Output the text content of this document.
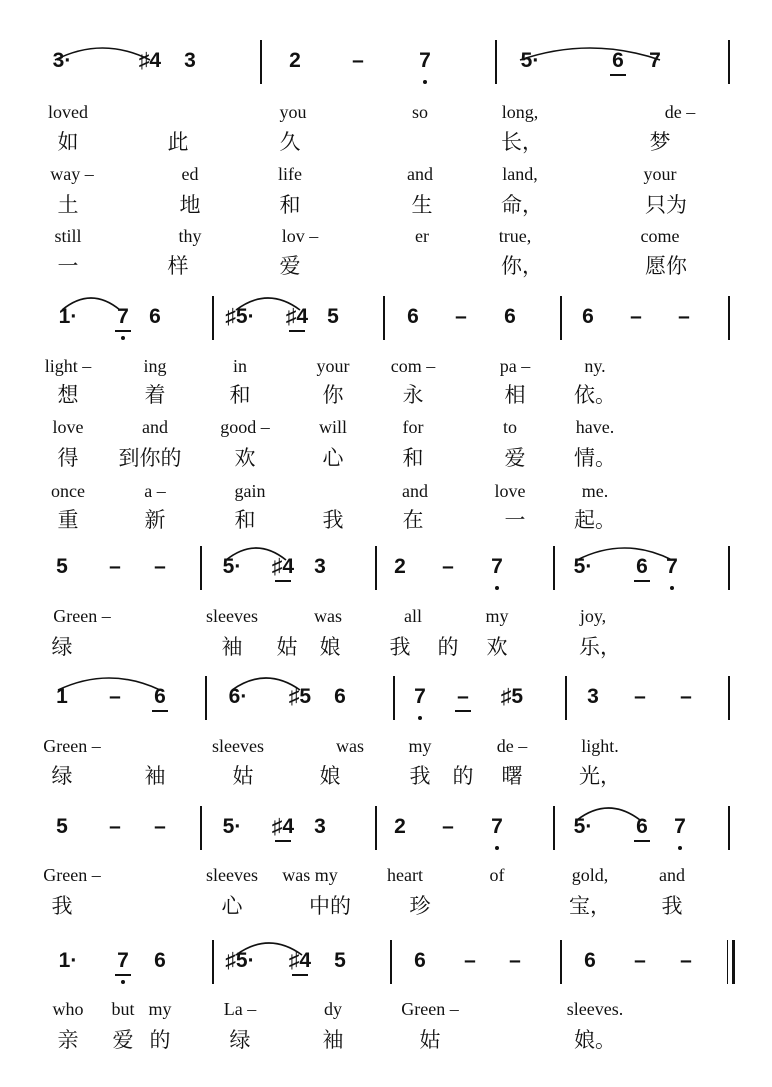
3·	♯4 3	2 –	7	5·	6 7
loved	you	so	long,	de –
如	此	久	长，	梦
way –	ed	life	and	land,	your
土	地	和	生	命，	只为
still	thy	lov –	er	true,	come
一	样	爱	你，	愿你
1· 7 6	♯5· ♯4 5	6 – 6	6 – –
light –	ing	in	your com –	pa –	ny.
想	着	和	你	永	相 依。
love	and	good –	will	for	to	have.
得 到你的	欢	心	和	爱 情。
once	a –	gain	and	love	me.
重	新	和	我	在	一 起。
5 – –	5· ♯4 3	2 – 7	5· 6 7
Green –	sleeves	was	all	my	joy,
绿	袖 姑 娘 我 的 欢	乐，
1 – 6	6· ♯5 6	7 – ♯5	3 – –
Green –	sleeves	was my	de –	light.
绿	袖	姑	娘	我 的 曙	光，
5 – –	5· ♯4 3	2 – 7	5· 6 7
Green –	sleeves was my	heart	of	gold,	and
我	心	中的	珍	宝， 我
1· 7 6	♯5· ♯4 5	6 – –	6 – –
who but my	La –	dy	Green –	sleeves.
亲 爱 的	绿	袖	姑	娘。
